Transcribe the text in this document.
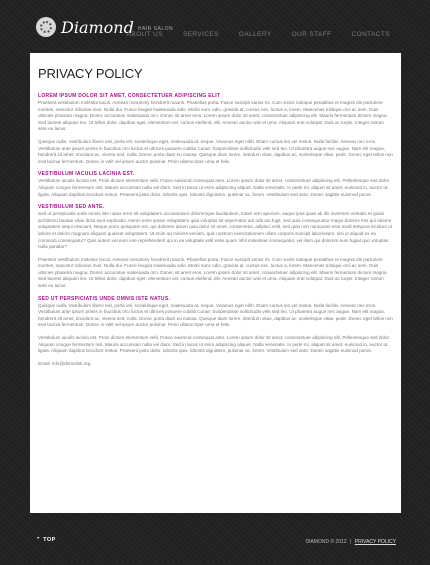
Diamond HAIR SALON
ABOUT US	SERVICES	GALLERY	OUR STAFF	CONTACTS
PRIVACY POLICY
LOREM IPSUM DOLOR SIT AMET, CONSECTETUER ADIPISCING ELIT

Praesent vestibulum molestie lacus. Aenean nonummy hendrerit mauris. Phasellus porta. Fusce suscipit varius mi. Cum sociis natoque penatibus et magnis dis parturient montes, nascetur ridiculus mus. Nulla dui. Fusce feugiat malesuada odio. Morbi nunc odio, gravida at, cursus nec, luctus a, lorem. Maecenas tristique orci ac sem. Duis ultricies pharetra magna. Donec accumsan malesuada orci. Donec sit amet eros. Lorem ipsum dolor sit amet, consectetuer adipiscing elit. Mauris fermentum dictum magna. Sed laoreet aliquam leo. Ut tellus dolor, dapibus eget, elementum vel, cursus eleifend, elit. Aenean auctor wisi et urna. Aliquam erat volutpat. Duis ac turpis. Integer rutrum ante eu lacus.

Quisque nulla. Vestibulum libero nisl, porta vel, scelerisque eget, malesuada at, neque. Vivamus eget nibh. Etiam cursus leo vel metus. Nulla facilisi. Aenean nec eros. Vestibulum ante ipsum primis in faucibus orci luctus et ultrices posuere cubilia Curae; Suspendisse sollicitudin velit sed leo. Ut pharetra augue nec augue. Nam elit magna, hendrerit sit amet, tincidunt ac, viverra sed, nulla. Donec porta diam eu massa. Quisque diam lorem, interdum vitae, dapibus ac, scelerisque vitae, pede. Donec eget tellus non erat lacinia fermentum. Donec in velit vel ipsum auctor pulvinar. Proin ullamcorper urna et felis.

VESTIBULUM IACULIS LACINIA EST.

Vestibulum iaculis lacinia est. Proin dictum elementum velit. Fusce euismod consequat ante. Lorem ipsum dolor sit amet, consectetuer adipiscing elit. Pellentesque sed dolor. Aliquam congue fermentum nisl. Mauris accumsan nulla vel diam. Sed in lacus ut enim adipiscing aliquet. Nulla venenatis. In pede mi, aliquet sit amet, euismod in, auctor ut, ligula. Aliquam dapibus tincidunt metus. Praesent justo dolor, lobortis quis, lobortis dignissim, pulvinar ac, lorem. Vestibulum sed ante. Donec sagittis euismod purus.

VESTIBULUM SED ANTE.

Sed ut perspiciatis unde omnis iste natus error sit voluptatem accusantium doloremque laudantium, totam rem aperiam, eaque ipsa quae ab illo inventore veritatis et quasi architecto beatae vitae dicta sunt explicabo. Nemo enim ipsam voluptatem quia voluptas sit aspernatur aut odit aut fugit, sed quia consequuntur magni dolores eos qui ratione voluptatem sequi nesciunt. Neque porro quisquam est, qui dolorem ipsum quia dolor sit amet, consectetur, adipisci velit, sed quia non numquam eius modi tempora incidunt ut labore et dolore magnam aliquam quaerat voluptatem. Ut enim ad minima veniam, quis nostrum exercitationem ullam corporis suscipit laboriosam, nisi ut aliquid ex ea commodi consequatur? Quis autem vel eum iure reprehenderit qui in ea voluptate velit esse quam nihil molestiae consequatur, vel illum qui dolorem eum fugiat quo voluptas nulla pariatur?

Praesent vestibulum molestie lacus. Aenean nonummy hendrerit mauris. Phasellus porta. Fusce suscipit varius mi. Cum sociis natoque penatibus et magnis dis parturient montes, nascetur ridiculus mus. Nulla dui. Fusce feugiat malesuada odio. Morbi nunc odio, gravida at, cursus nec, luctus a, lorem. Maecenas tristique orci ac sem. Duis ultricies pharetra magna. Donec accumsan malesuada orci. Donec sit amet eros. Lorem ipsum dolor sit amet, consectetuer adipiscing elit. Mauris fermentum dictum magna. Sed laoreet aliquam leo. Ut tellus dolor, dapibus eget, elementum vel, cursus eleifend, elit. Aenean auctor wisi et urna. Aliquam erat volutpat. Duis ac turpis. Integer rutrum ante eu lacus.

SED UT PERSPICIATIS UNDE OMNIS ISTE NATUS.

Quisque nulla. Vestibulum libero nisl, porta vel, scelerisque eget, malesuada at, neque. Vivamus eget nibh. Etiam cursus leo vel metus. Nulla facilisi. Aenean nec eros. Vestibulum ante ipsum primis in faucibus orci luctus et ultrices posuere cubilia Curae; Suspendisse sollicitudin velit sed leo. Ut pharetra augue nec augue. Nam elit magna, hendrerit sit amet, tincidunt ac, viverra sed, nulla. Donec porta diam eu massa. Quisque diam lorem, interdum vitae, dapibus ac, scelerisque vitae, pede. Donec eget tellus non erat lacinia fermentum. Donec in velit vel ipsum auctor pulvinar. Proin ullamcorper urna et felis.

Vestibulum iaculis lacinia est. Proin dictum elementum velit. Fusce euismod consequat ante. Lorem ipsum dolor sit amet, consectetuer adipiscing elit. Pellentesque sed dolor. Aliquam congue fermentum nisl. Mauris accumsan nulla vel diam. Sed in lacus ut enim adipiscing aliquet. Nulla venenatis. In pede mi, aliquet sit amet, euismod in, auctor ut, ligula. Aliquam dapibus tincidunt metus. Praesent justo dolor, lobortis quis, lobortis dignissim, pulvinar ac, lorem. Vestibulum sed ante. Donec sagittis euismod purus.

Email: info@demolink.org

⌃ TOP	DIAMOND © 2012 | PRIVACY POLICY
